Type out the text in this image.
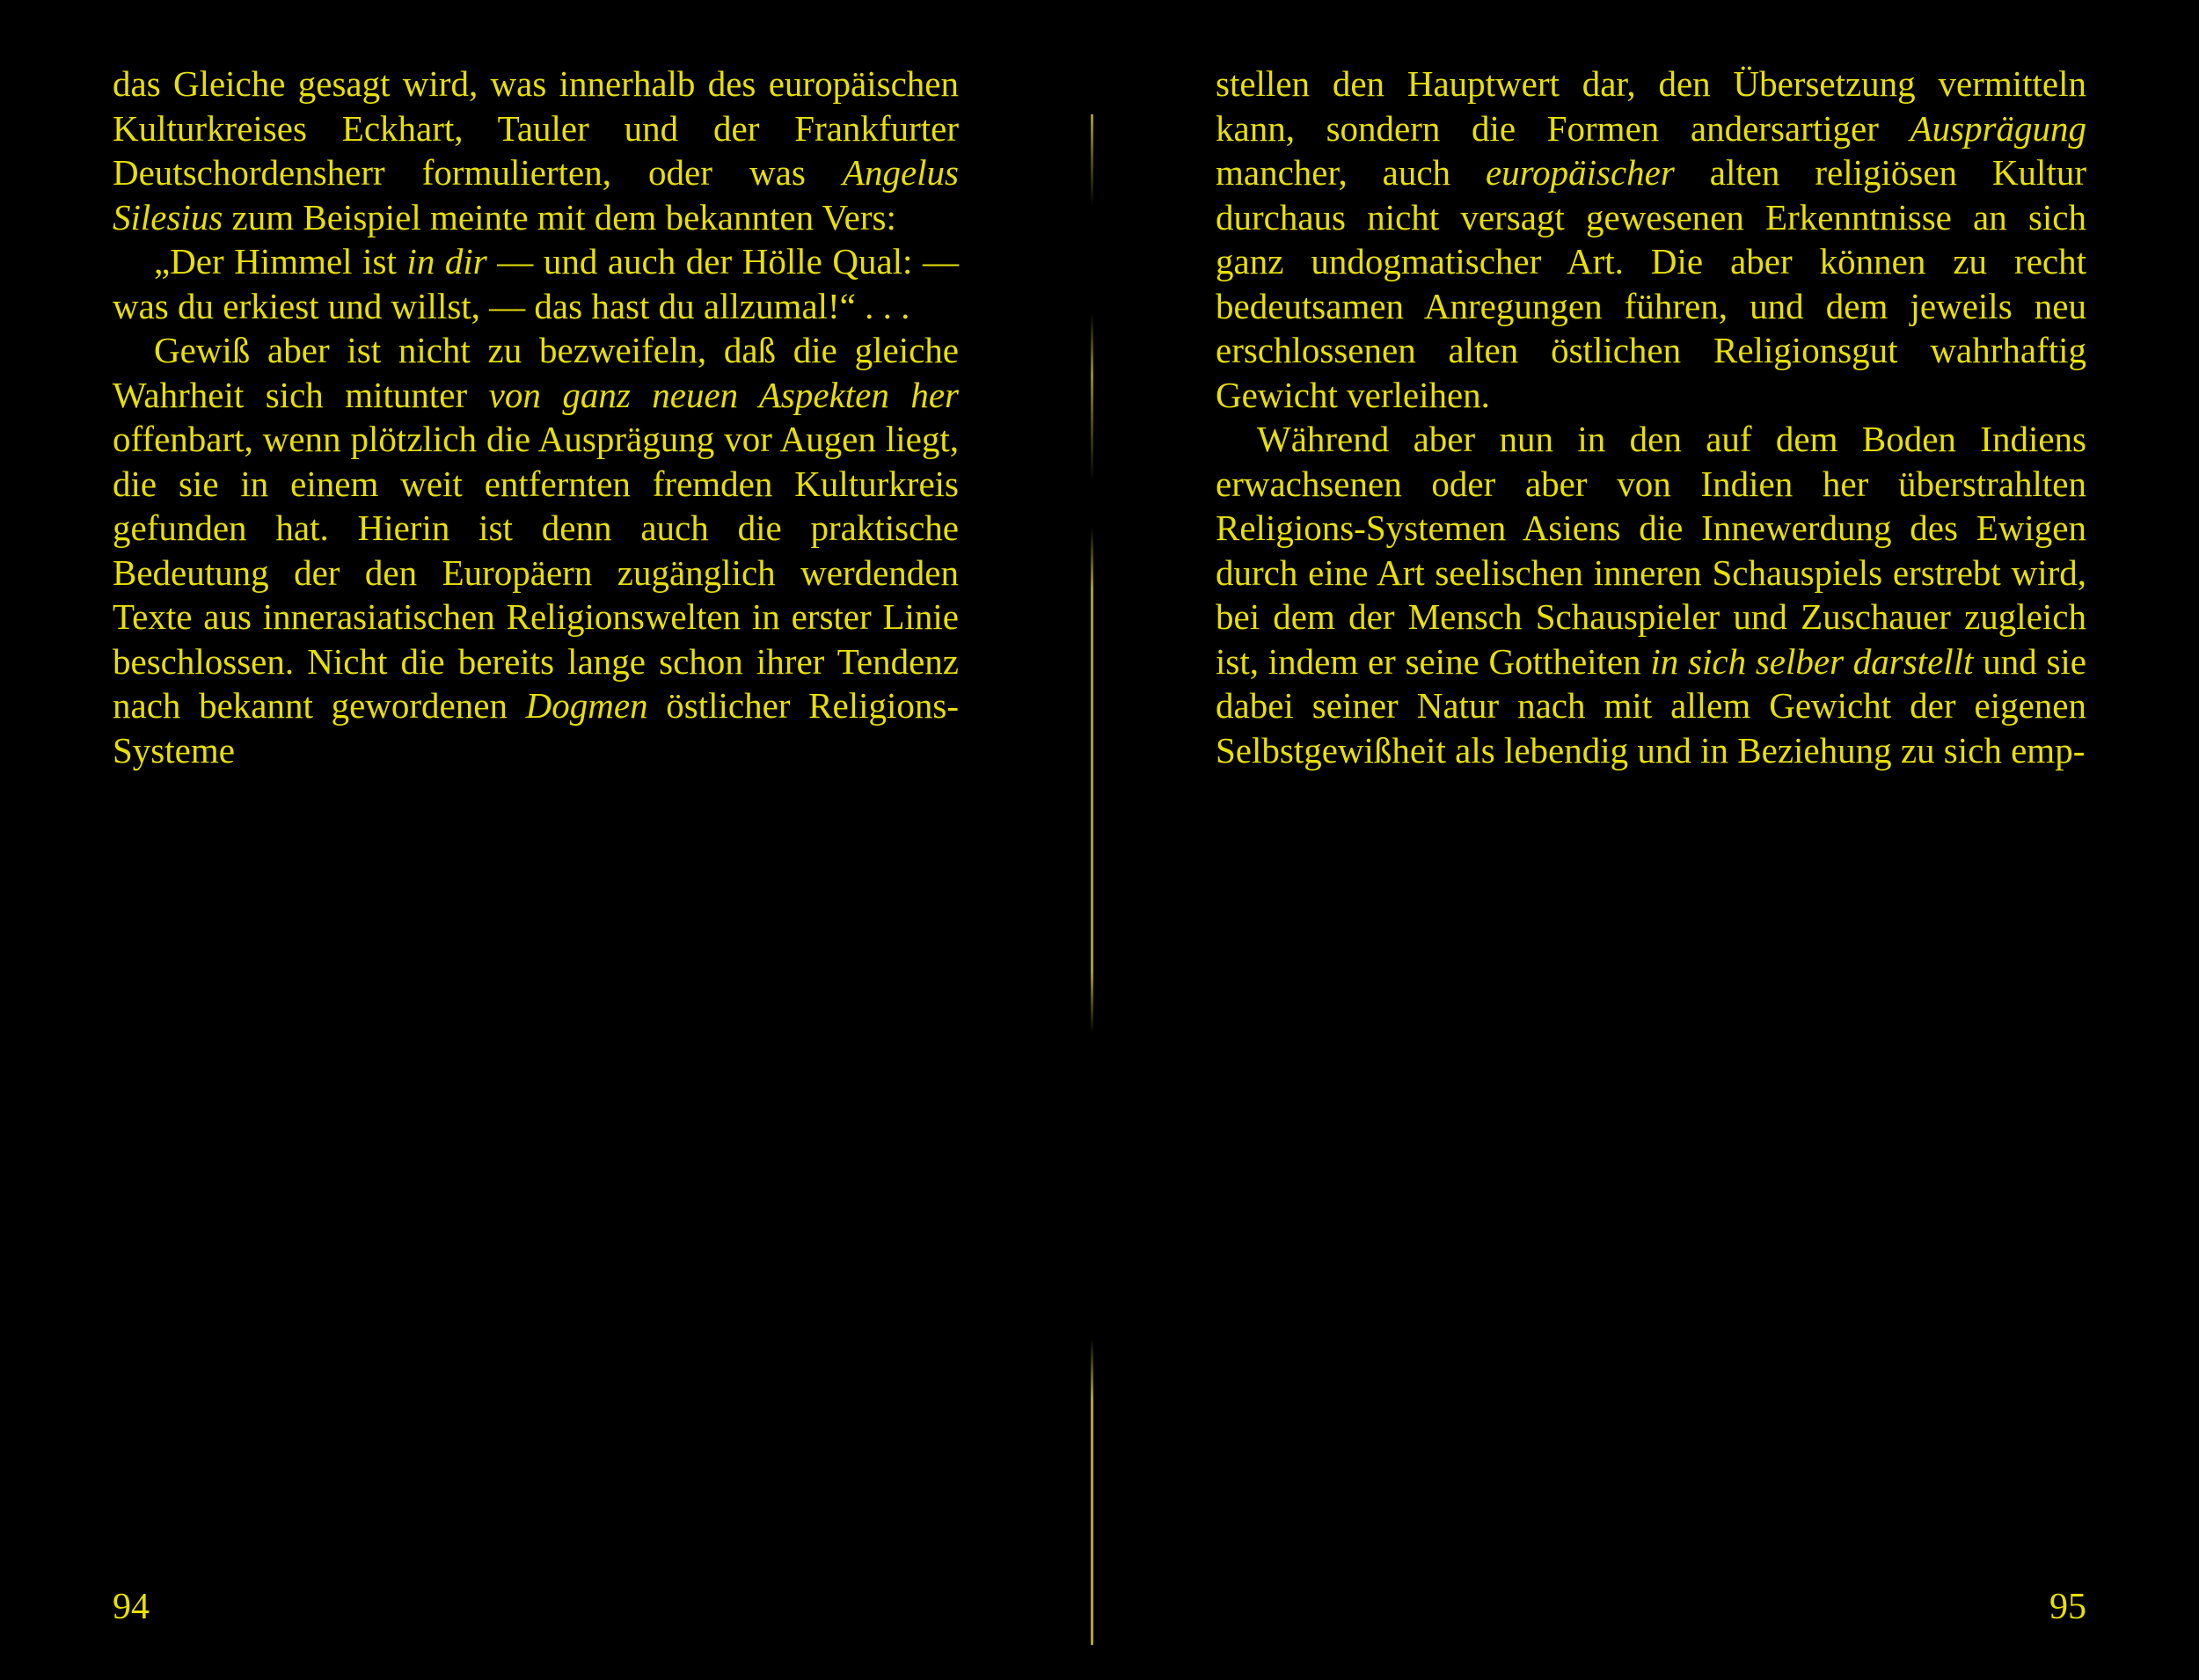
das Gleiche gesagt wird, was innerhalb des europäischen Kulturkreises Eckhart, Tauler und der Frankfurter Deutschordensherr formulierten, oder was Angelus Silesius zum Beispiel meinte mit dem bekannten Vers:

„Der Himmel ist in dir — und auch der Hölle Qual: — was du erkiest und willst, — das hast du allzumal!“ . . .

Gewiß aber ist nicht zu bezweifeln, daß die gleiche Wahrheit sich mitunter von ganz neuen Aspekten her offenbart, wenn plötzlich die Ausprägung vor Augen liegt, die sie in einem weit entfernten fremden Kulturkreis gefunden hat. Hierin ist denn auch die praktische Bedeutung der den Europäern zugänglich werdenden Texte aus innerasiatischen Religionswelten in erster Linie beschlossen. Nicht die bereits lange schon ihrer Tendenz nach bekannt gewordenen Dogmen östlicher Religions-Systeme

94

stellen den Hauptwert dar, den Übersetzung vermitteln kann, sondern die Formen andersartiger Ausprägung mancher, auch europäischer alten religiösen Kultur durchaus nicht versagt gewesenen Erkenntnisse an sich ganz undogmatischer Art. Die aber können zu recht bedeutsamen Anregungen führen, und dem jeweils neu erschlossenen alten östlichen Religionsgut wahrhaftig Gewicht verleihen.

Während aber nun in den auf dem Boden Indiens erwachsenen oder aber von Indien her überstrahlten Religions-Systemen Asiens die Innewerdung des Ewigen durch eine Art seelischen inneren Schauspiels erstrebt wird, bei dem der Mensch Schauspieler und Zuschauer zugleich ist, indem er seine Gottheiten in sich selber darstellt und sie dabei seiner Natur nach mit allem Gewicht der eigenen Selbstgewißheit als lebendig und in Beziehung zu sich emp-

95
